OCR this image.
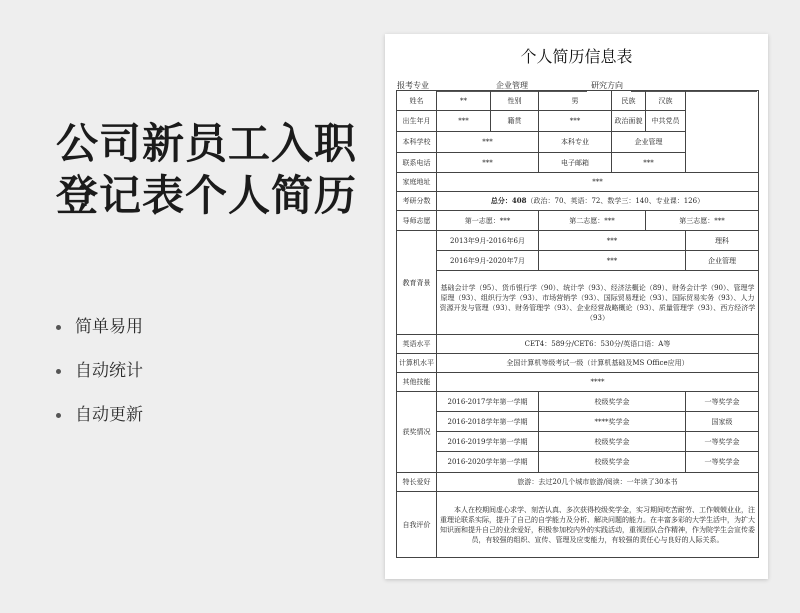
公司新员工入职
登记表个人简历
简单易用
自动统计
自动更新
个人简历信息表
报考专业	企业管理	研究方向
姓名	**	性别	男	民族	汉族	
出生年月	***	籍贯	***	政治面貌	中共党员	
本科学校	***		本科专业	企业管理		
联系电话	***		电子邮箱	***		
家庭地址	***					
考研分数	总分：408（政治：70、英语：72、数学三：140、专业课：126）					
导师志愿	第一志愿：***		第二志愿：***		第三志愿：***	
教育背景	2013年9月-2016年6月		***			理科
	2016年9月-2020年7月		***			企业管理
	基础会计学（95）、货币银行学（90）、统计学（93）、经济法概论（89）、财务会计学（90）、管理学原理（93）、组织行为学（93）、市场营销学（93）、国际贸易理论（93）、国际贸易实务（93）、人力资源开发与管理（93）、财务管理学（93）、企业经营战略概论（93）、质量管理学（93）、西方经济学（93）					
英语水平	CET4：589分/CET6：530分/英语口语：A等					
计算机水平	全国计算机等级考试一级（计算机基础及MS Office应用）					
其他技能	****					
获奖情况	2016-2017学年第一学期		校级奖学金			一等奖学金
	2016-2018学年第一学期		****奖学金			国家级
	2016-2019学年第一学期		校级奖学金			一等奖学金
	2016-2020学年第一学期		校级奖学金			一等奖学金
特长爱好	旅游：去过20几个城市旅游/阅读：一年读了30本书					
自我评价	本人在校期间虚心求学、刻苦认真、多次获得校级奖学金，实习期间吃苦耐劳、工作兢兢业业，注重理论联系实际，提升了自己的自学能力及分析、解决问题的能力。在丰富多彩的大学生活中，为扩大知识面和提升自己的业余爱好，积极参加校内外的实践活动，重视团队合作精神，作为院学生会宣传委员，有较强的组织、宣传、管理及应变能力，有较强的责任心与良好的人际关系。					
